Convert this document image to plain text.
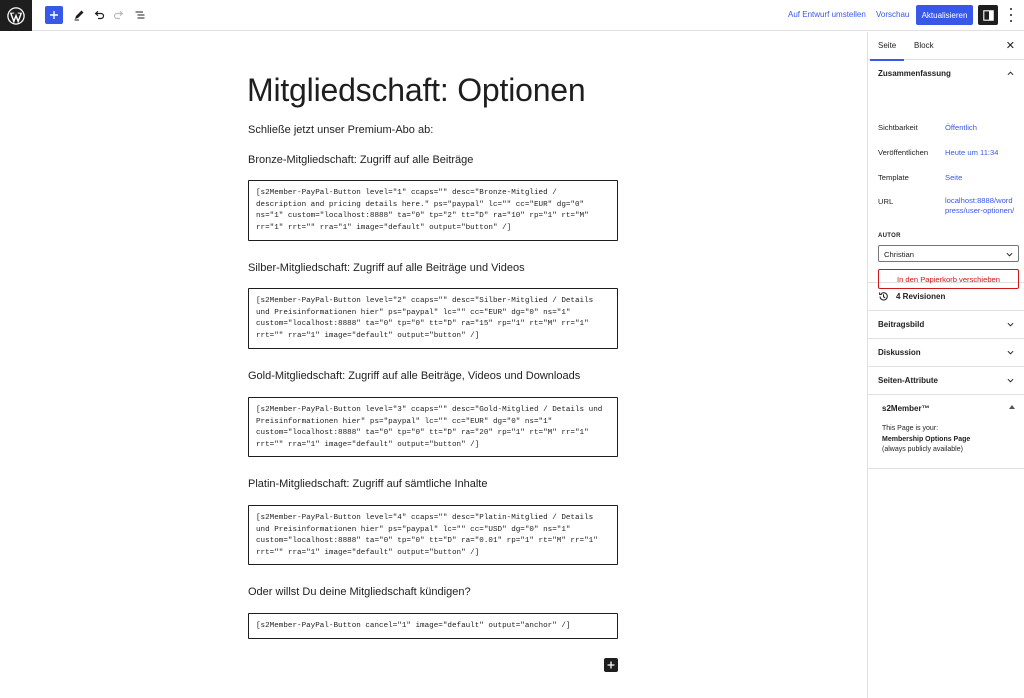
Auf Entwurf umstellen Vorschau	Aktualisieren
Mitgliedschaft: Optionen
Schließe jetzt unser Premium-Abo ab:
Bronze-Mitgliedschaft: Zugriff auf alle Beiträge
[s2Member-PayPal-Button level="1" ccaps="" desc="Bronze-Mitglied / description and pricing details here." ps="paypal" lc="" cc="EUR" dg="0" ns="1" custom="localhost:8888" ta="0" tp="2" tt="D" ra="10" rp="1" rt="M" rr="1" rrt="" rra="1" image="default" output="button" /]
Silber-Mitgliedschaft: Zugriff auf alle Beiträge und Videos
[s2Member-PayPal-Button level="2" ccaps="" desc="Silber-Mitglied / Details und Preisinformationen hier" ps="paypal" lc="" cc="EUR" dg="0" ns="1" custom="localhost:8888" ta="0" tp="0" tt="D" ra="15" rp="1" rt="M" rr="1" rrt="" rra="1" image="default" output="button" /]
Gold-Mitgliedschaft: Zugriff auf alle Beiträge, Videos und Downloads
[s2Member-PayPal-Button level="3" ccaps="" desc="Gold-Mitglied / Details und Preisinformationen hier" ps="paypal" lc="" cc="EUR" dg="0" ns="1" custom="localhost:8888" ta="0" tp="0" tt="D" ra="20" rp="1" rt="M" rr="1" rrt="" rra="1" image="default" output="button" /]
Platin-Mitgliedschaft: Zugriff auf sämtliche Inhalte
[s2Member-PayPal-Button level="4" ccaps="" desc="Platin-Mitglied / Details und Preisinformationen hier" ps="paypal" lc="" cc="USD" dg="0" ns="1" custom="localhost:8888" ta="0" tp="0" tt="D" ra="0.01" rp="1" rt="M" rr="1" rrt="" rra="1" image="default" output="button" /]
Oder willst Du deine Mitgliedschaft kündigen?
[s2Member-PayPal-Button cancel="1" image="default" output="anchor" /]
Seite Block	✕
Zusammenfassung
Sichtbarkeit	Öffentlich
Veröffentlichen Heute um 11:34
Template	Seite
URL	localhost:8888/wordpress/user-optionen/
AUTOR
Christian
In den Papierkorb verschieben
4 Revisionen
Beitragsbild
Diskussion
Seiten-Attribute
s2Member™
This Page is your:
Membership Options Page
(always publicly available)
